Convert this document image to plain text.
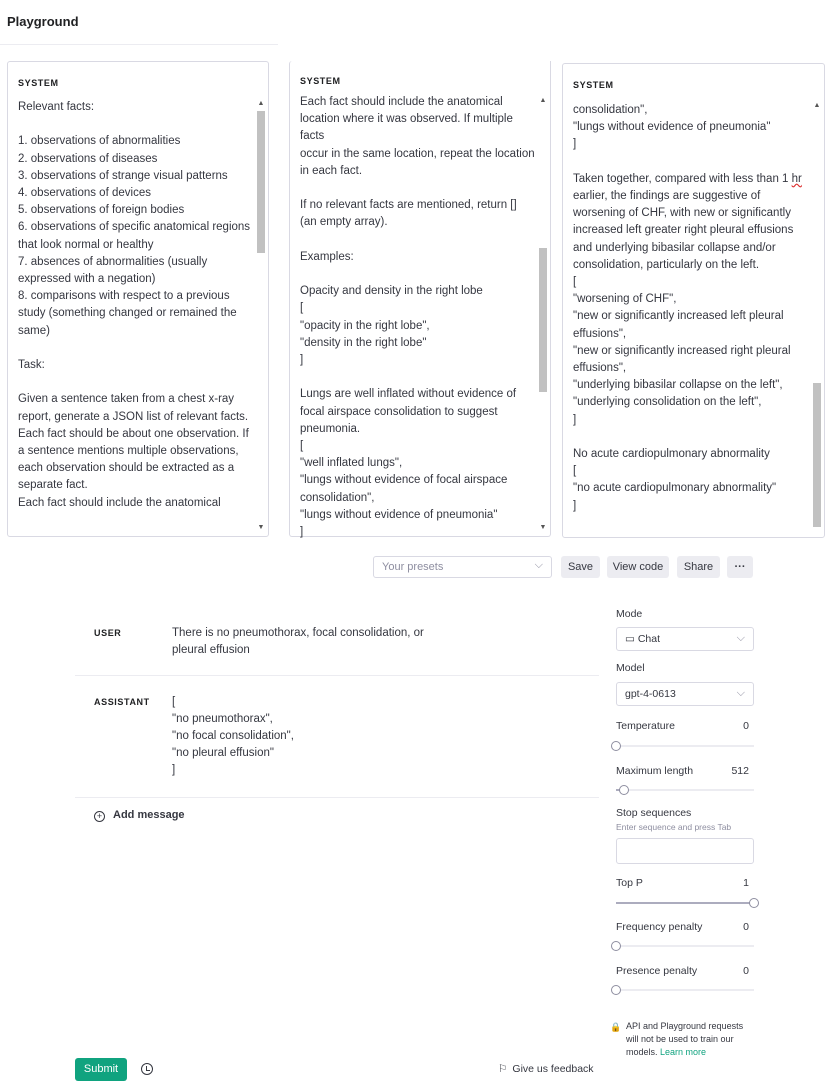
Playground
SYSTEM
Relevant facts:

1. observations of abnormalities
2. observations of diseases
3. observations of strange visual patterns
4. observations of devices
5. observations of foreign bodies
6. observations of specific anatomical regions that look normal or healthy
7. absences of abnormalities (usually expressed with a negation)
8. comparisons with respect to a previous study (something changed or remained the same)

Task:

Given a sentence taken from a chest x-ray report, generate a JSON list of relevant facts.
Each fact should be about one observation. If a sentence mentions multiple observations,
each observation should be extracted as a separate fact.
Each fact should include the anatomical
▲
▼
SYSTEM
Each fact should include the anatomical location where it was observed. If multiple facts
occur in the same location, repeat the location in each fact.

If no relevant facts are mentioned, return [] (an empty array).

Examples:

Opacity and density in the right lobe
[
"opacity in the right lobe",
"density in the right lobe"
]

Lungs are well inflated without evidence of focal airspace consolidation to suggest pneumonia.
[
"well inflated lungs",
"lungs without evidence of focal airspace consolidation",
"lungs without evidence of pneumonia"
]
▲
▼
SYSTEM
consolidation",
"lungs without evidence of pneumonia"
]

Taken together, compared with less than 1 hr earlier, the findings are suggestive of worsening of CHF, with new or significantly increased left greater right pleural effusions and underlying bibasilar collapse and/or  consolidation, particularly on the left.
[
"worsening of CHF",
"new or significantly increased left pleural effusions",
"new or significantly increased right pleural effusions",
"underlying bibasilar collapse on the left",
"underlying consolidation on the left",
]

No acute cardiopulmonary abnormality
[
"no acute cardiopulmonary abnormality"
]
▲
Your presets	⌵	Save	View code	Share	···
USER	There is no pneumothorax, focal consolidation, or
pleural effusion
ASSISTANT [
"no pneumothorax",
"no focal consolidation",
"no pleural effusion"
]
+ Add message
Submit	⚐ Give us feedback
Mode
▭ Chat	⌵
Model
gpt-4-0613	⌵
Temperature	0
Maximum length	512
Stop sequences
Enter sequence and press Tab
Top P	1
Frequency penalty	0
Presence penalty	0
🔒 API and Playground requests will not be used to train our models. Learn more
